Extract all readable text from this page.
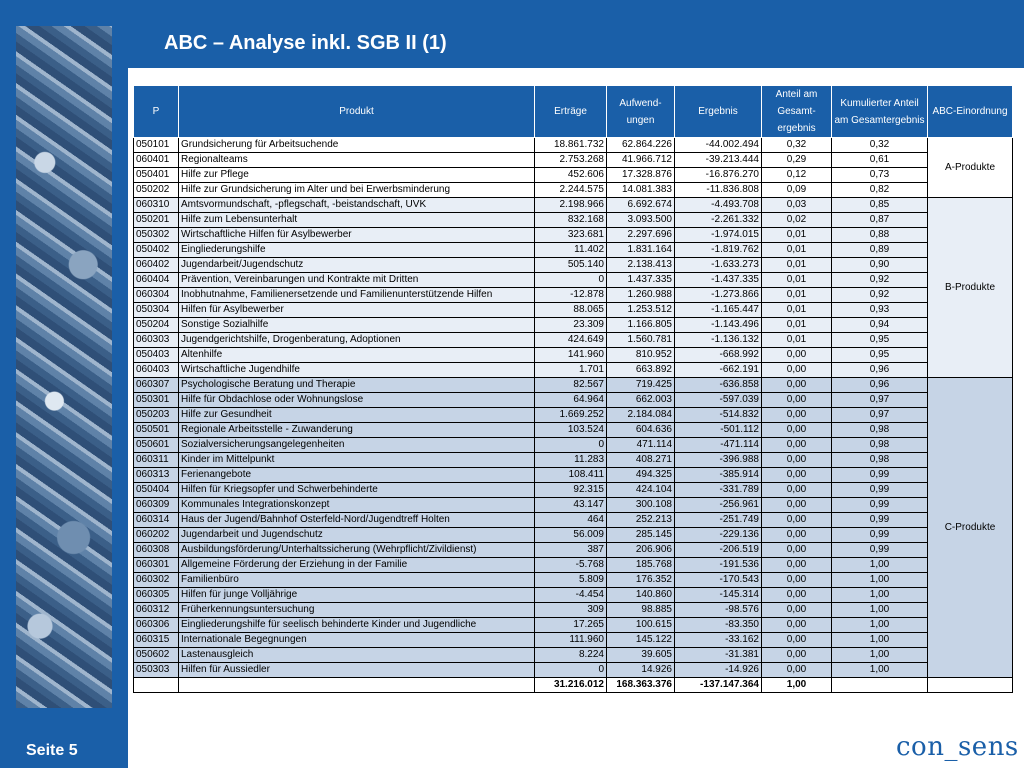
ABC – Analyse inkl. SGB II (1)
P	Produkt	Erträge	Aufwend-ungen	Ergebnis	Anteil am Gesamt-ergebnis	Kumulierter Anteil am Gesamtergebnis	ABC-Einordnung
050101	Grundsicherung für Arbeitsuchende	18.861.732	62.864.226	-44.002.494	0,32	0,32	A-Produkte
060401	Regionalteams	2.753.268	41.966.712	-39.213.444	0,29	0,61	
050401	Hilfe zur Pflege	452.606	17.328.876	-16.876.270	0,12	0,73	
050202	Hilfe zur Grundsicherung im Alter und bei Erwerbsminderung	2.244.575	14.081.383	-11.836.808	0,09	0,82	
060310	Amtsvormundschaft, -pflegschaft, -beistandschaft, UVK	2.198.966	6.692.674	-4.493.708	0,03	0,85	B-Produkte
050201	Hilfe zum Lebensunterhalt	832.168	3.093.500	-2.261.332	0,02	0,87	
050302	Wirtschaftliche Hilfen für Asylbewerber	323.681	2.297.696	-1.974.015	0,01	0,88	
050402	Eingliederungshilfe	11.402	1.831.164	-1.819.762	0,01	0,89	
060402	Jugendarbeit/Jugendschutz	505.140	2.138.413	-1.633.273	0,01	0,90	
060404	Prävention, Vereinbarungen und Kontrakte mit Dritten	0	1.437.335	-1.437.335	0,01	0,92	
060304	Inobhutnahme, Familienersetzende und Familienunterstützende Hilfen	-12.878	1.260.988	-1.273.866	0,01	0,92	
050304	Hilfen für Asylbewerber	88.065	1.253.512	-1.165.447	0,01	0,93	
050204	Sonstige Sozialhilfe	23.309	1.166.805	-1.143.496	0,01	0,94	
060303	Jugendgerichtshilfe, Drogenberatung, Adoptionen	424.649	1.560.781	-1.136.132	0,01	0,95	
050403	Altenhilfe	141.960	810.952	-668.992	0,00	0,95	
060403	Wirtschaftliche Jugendhilfe	1.701	663.892	-662.191	0,00	0,96	
060307	Psychologische Beratung und Therapie	82.567	719.425	-636.858	0,00	0,96	C-Produkte
050301	Hilfe für Obdachlose oder Wohnungslose	64.964	662.003	-597.039	0,00	0,97	
050203	Hilfe zur Gesundheit	1.669.252	2.184.084	-514.832	0,00	0,97	
050501	Regionale Arbeitsstelle - Zuwanderung	103.524	604.636	-501.112	0,00	0,98	
050601	Sozialversicherungsangelegenheiten	0	471.114	-471.114	0,00	0,98	
060311	Kinder im Mittelpunkt	11.283	408.271	-396.988	0,00	0,98	
060313	Ferienangebote	108.411	494.325	-385.914	0,00	0,99	
050404	Hilfen für Kriegsopfer und Schwerbehinderte	92.315	424.104	-331.789	0,00	0,99	
060309	Kommunales Integrationskonzept	43.147	300.108	-256.961	0,00	0,99	
060314	Haus der Jugend/Bahnhof Osterfeld-Nord/Jugendtreff Holten	464	252.213	-251.749	0,00	0,99	
060202	Jugendarbeit und Jugendschutz	56.009	285.145	-229.136	0,00	0,99	
060308	Ausbildungsförderung/Unterhaltssicherung (Wehrpflicht/Zivildienst)	387	206.906	-206.519	0,00	0,99	
060301	Allgemeine Förderung der Erziehung in der Familie	-5.768	185.768	-191.536	0,00	1,00	
060302	Familienbüro	5.809	176.352	-170.543	0,00	1,00	
060305	Hilfen für junge Volljährige	-4.454	140.860	-145.314	0,00	1,00	
060312	Früherkennungsuntersuchung	309	98.885	-98.576	0,00	1,00	
060306	Eingliederungshilfe für seelisch behinderte Kinder und Jugendliche	17.265	100.615	-83.350	0,00	1,00	
060315	Internationale Begegnungen	111.960	145.122	-33.162	0,00	1,00	
050602	Lastenausgleich	8.224	39.605	-31.381	0,00	1,00	
050303	Hilfen für Aussiedler	0	14.926	-14.926	0,00	1,00	
		31.216.012	168.363.376	-137.147.364	1,00		
Seite 5	con_sens
